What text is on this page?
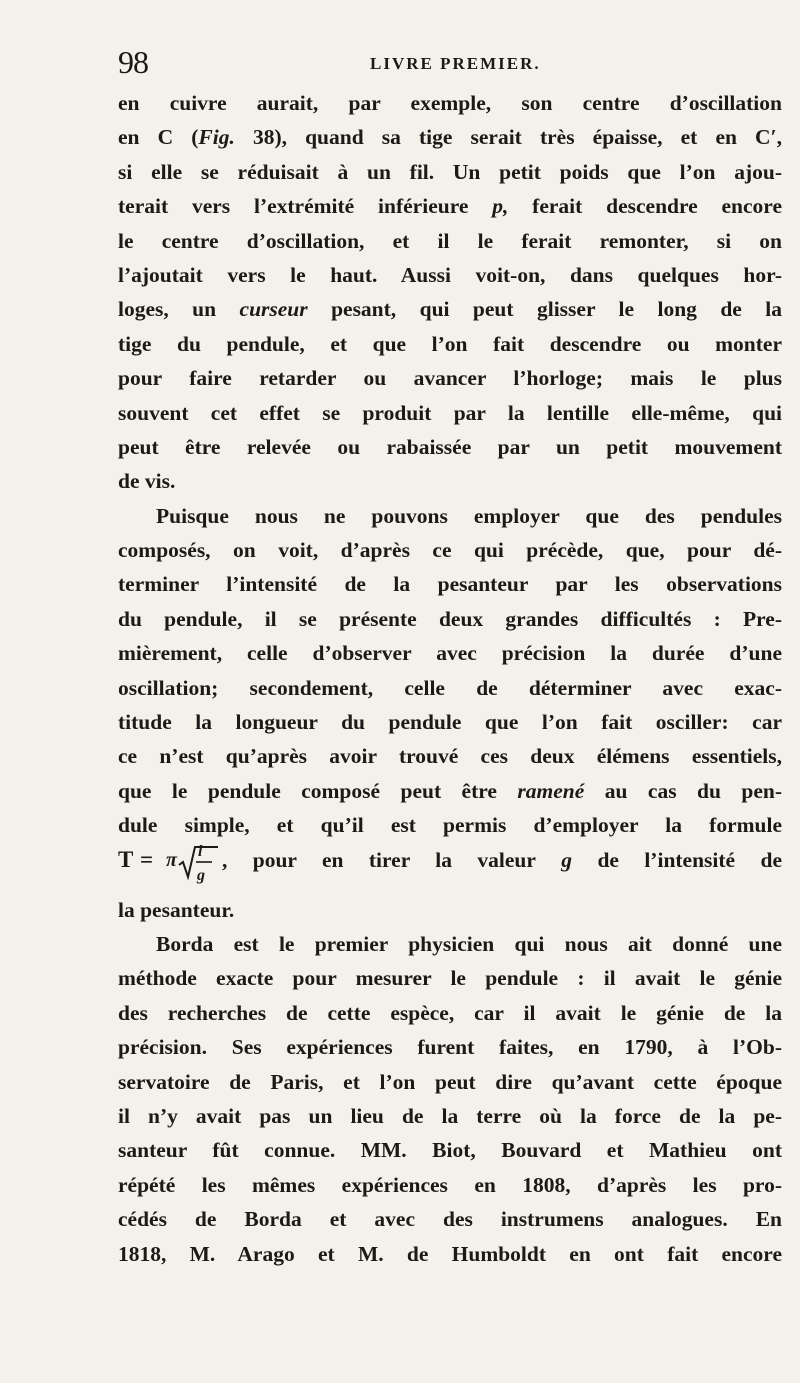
98	LIVRE PREMIER.
en cuivre aurait, par exemple, son centre d’oscillation
en C (Fig. 38), quand sa tige serait très épaisse, et en C′,
si elle se réduisait à un fil. Un petit poids que l’on ajou-
terait vers l’extrémité inférieure p, ferait descendre encore
le centre d’oscillation, et il le ferait remonter, si on
l’ajoutait vers le haut. Aussi voit-on, dans quelques hor-
loges, un curseur pesant, qui peut glisser le long de la
tige du pendule, et que l’on fait descendre ou monter
pour faire retarder ou avancer l’horloge; mais le plus
souvent cet effet se produit par la lentille elle-même, qui
peut être relevée ou rabaissée par un petit mouvement
de vis.
Puisque nous ne pouvons employer que des pendules
composés, on voit, d’après ce qui précède, que, pour dé-
terminer l’intensité de la pesanteur par les observations
du pendule, il se présente deux grandes difficultés : Pre-
mièrement, celle d’observer avec précision la durée d’une
oscillation; secondement, celle de déterminer avec exac-
titude la longueur du pendule que l’on fait osciller: car
ce n’est qu’après avoir trouvé ces deux élémens essentiels,
que le pendule composé peut être ramené au cas du pen-
dule simple, et qu’il est permis d’employer la formule
T = π l
g
, pour en tirer la valeur g de l’intensité de
la pesanteur.
Borda est le premier physicien qui nous ait donné une
méthode exacte pour mesurer le pendule : il avait le génie
des recherches de cette espèce, car il avait le génie de la
précision. Ses expériences furent faites, en 1790, à l’Ob-
servatoire de Paris, et l’on peut dire qu’avant cette époque
il n’y avait pas un lieu de la terre où la force de la pe-
santeur fût connue. MM. Biot, Bouvard et Mathieu ont
répété les mêmes expériences en 1808, d’après les pro-
cédés de Borda et avec des instrumens analogues. En
1818, M. Arago et M. de Humboldt en ont fait encore
